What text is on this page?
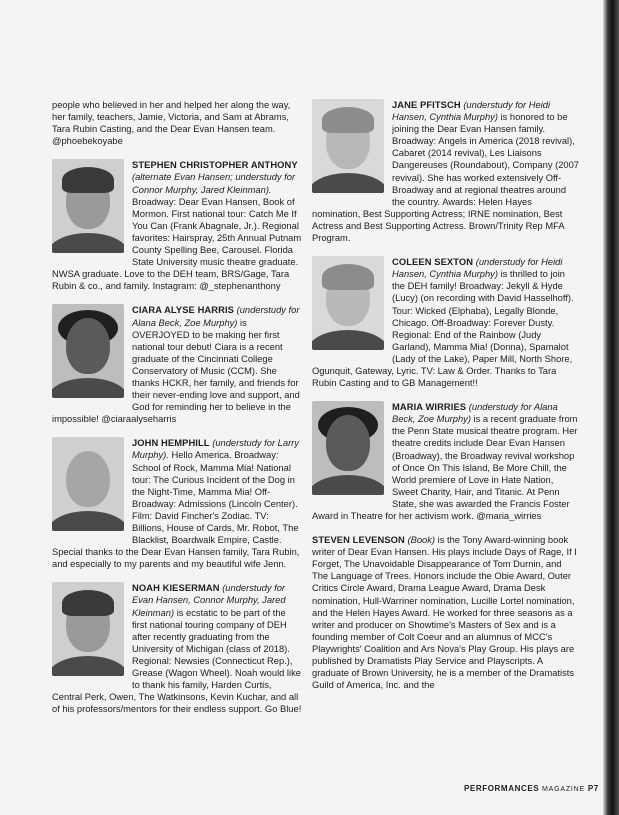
people who believed in her and helped her along the way, her family, teachers, Jamie, Victoria, and Sam at Abrams, Tara Rubin Casting, and the Dear Evan Hansen team. @phoebekoyabe

STEPHEN CHRISTOPHER ANTHONY
(alternate Evan Hansen; understudy for Connor Murphy, Jared Kleinman). Broadway: Dear Evan Hansen, Book of Mormon. First national tour: Catch Me If You Can (Frank Abagnale, Jr.). Regional favorites: Hairspray, 25th Annual Putnam County Spelling Bee, Carousel. Florida State University music theatre graduate. NWSA graduate. Love to the DEH team, BRS/Gage, Tara Rubin & co., and family. Instagram: @_stephenanthony
CIARA ALYSE HARRIS (understudy for Alana Beck, Zoe Murphy) is OVERJOYED to be making her first national tour debut! Ciara is a recent graduate of the Cincinnati College Conservatory of Music (CCM). She thanks HCKR, her family, and friends for their never-ending love and support, and God for reminding her to believe in the impossible! @ciaraalyseharris
JOHN HEMPHILL (understudy for Larry Murphy). Hello America. Broadway: School of Rock, Mamma Mia! National tour: The Curious Incident of the Dog in the Night-Time, Mamma Mia! Off-Broadway: Admissions (Lincoln Center). Film: David Fincher's Zodiac. TV: Billions, House of Cards, Mr. Robot, The Blacklist, Boardwalk Empire, Castle. Special thanks to the Dear Evan Hansen family, Tara Rubin, and especially to my parents and my beautiful wife Jenn.
NOAH KIESERMAN (understudy for Evan Hansen, Connor Murphy, Jared Kleinman) is ecstatic to be part of the first national touring company of DEH after recently graduating from the University of Michigan (class of 2018). Regional: Newsies (Connecticut Rep.), Grease (Wagon Wheel). Noah would like to thank his family, Harden Curtis, Central Perk, Owen, The Watkinsons, Kevin Kuchar, and all of his professors/mentors for their endless support. Go Blue!
JANE PFITSCH (understudy for Heidi Hansen, Cynthia Murphy) is honored to be joining the Dear Evan Hansen family. Broadway: Angels in America (2018 revival), Cabaret (2014 revival), Les Liaisons Dangereuses (Roundabout), Company (2007 revival). She has worked extensively Off-Broadway and at regional theatres around the country. Awards: Helen Hayes nomination, Best Supporting Actress; IRNE nomination, Best Actress and Best Supporting Actress. Brown/Trinity Rep MFA Program.
COLEEN SEXTON (understudy for Heidi Hansen, Cynthia Murphy) is thrilled to join the DEH family! Broadway: Jekyll & Hyde (Lucy) (on recording with David Hasselhoff). Tour: Wicked (Elphaba), Legally Blonde, Chicago. Off-Broadway: Forever Dusty. Regional: End of the Rainbow (Judy Garland), Mamma Mia! (Donna), Spamalot (Lady of the Lake), Paper Mill, North Shore, Ogunquit, Gateway, Lyric. TV: Law & Order. Thanks to Tara Rubin Casting and to GB Management!!
MARIA WIRRIES (understudy for Alana Beck, Zoe Murphy) is a recent graduate from the Penn State musical theatre program. Her theatre credits include Dear Evan Hansen (Broadway), the Broadway revival workshop of Once On This Island, Be More Chill, the World premiere of Love in Hate Nation, Sweet Charity, Hair, and Titanic. At Penn State, she was awarded the Francis Foster Award in Theatre for her activism work. @maria_wirries
STEVEN LEVENSON (Book) is the Tony Award-winning book writer of Dear Evan Hansen. His plays include Days of Rage, If I Forget, The Unavoidable Disappearance of Tom Durnin, and The Language of Trees. Honors include the Obie Award, Outer Critics Circle Award, Drama League Award, Drama Desk nomination, Hull-Warriner nomination, Lucille Lortel nomination, and the Helen Hayes Award. He worked for three seasons as a writer and producer on Showtime's Masters of Sex and is a founding member of Colt Coeur and an alumnus of MCC's Playwrights' Coalition and Ars Nova's Play Group. His plays are published by Dramatists Play Service and Playscripts. A graduate of Brown University, he is a member of the Dramatists Guild of America, Inc. and the
PERFORMANCES MAGAZINE P7
